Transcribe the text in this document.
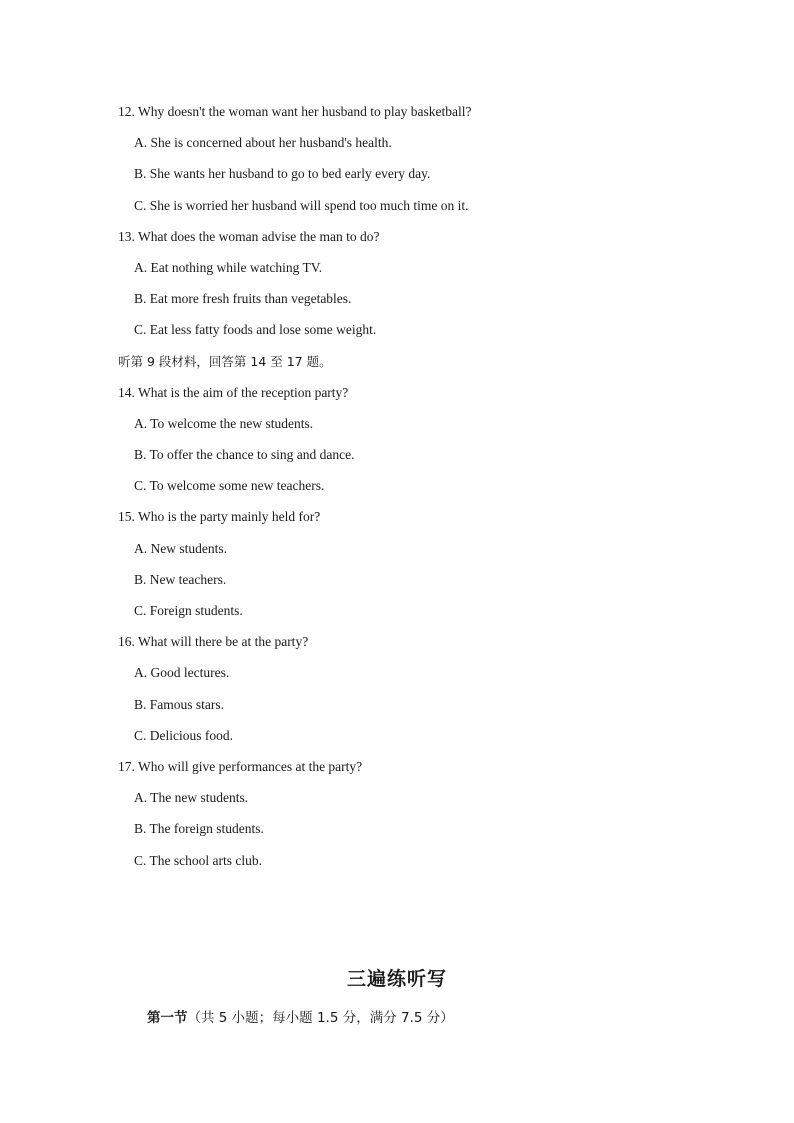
12. Why doesn't the woman want her husband to play basketball?
A. She is concerned about her husband's health.
B. She wants her husband to go to bed early every day.
C. She is worried her husband will spend too much time on it.
13. What does the woman advise the man to do?
A. Eat nothing while watching TV.
B. Eat more fresh fruits than vegetables.
C. Eat less fatty foods and lose some weight.
听第 9 段材料，回答第 14 至 17 题。
14. What is the aim of the reception party?
A. To welcome the new students.
B. To offer the chance to sing and dance.
C. To welcome some new teachers.
15. Who is the party mainly held for?
A. New students.
B. New teachers.
C. Foreign students.
16. What will there be at the party?
A. Good lectures.
B. Famous stars.
C. Delicious food.
17. Who will give performances at the party?
A. The new students.
B. The foreign students.
C. The school arts club.
三遍练听写
第一节（共 5 小题；每小题 1.5 分，满分 7.5 分）
